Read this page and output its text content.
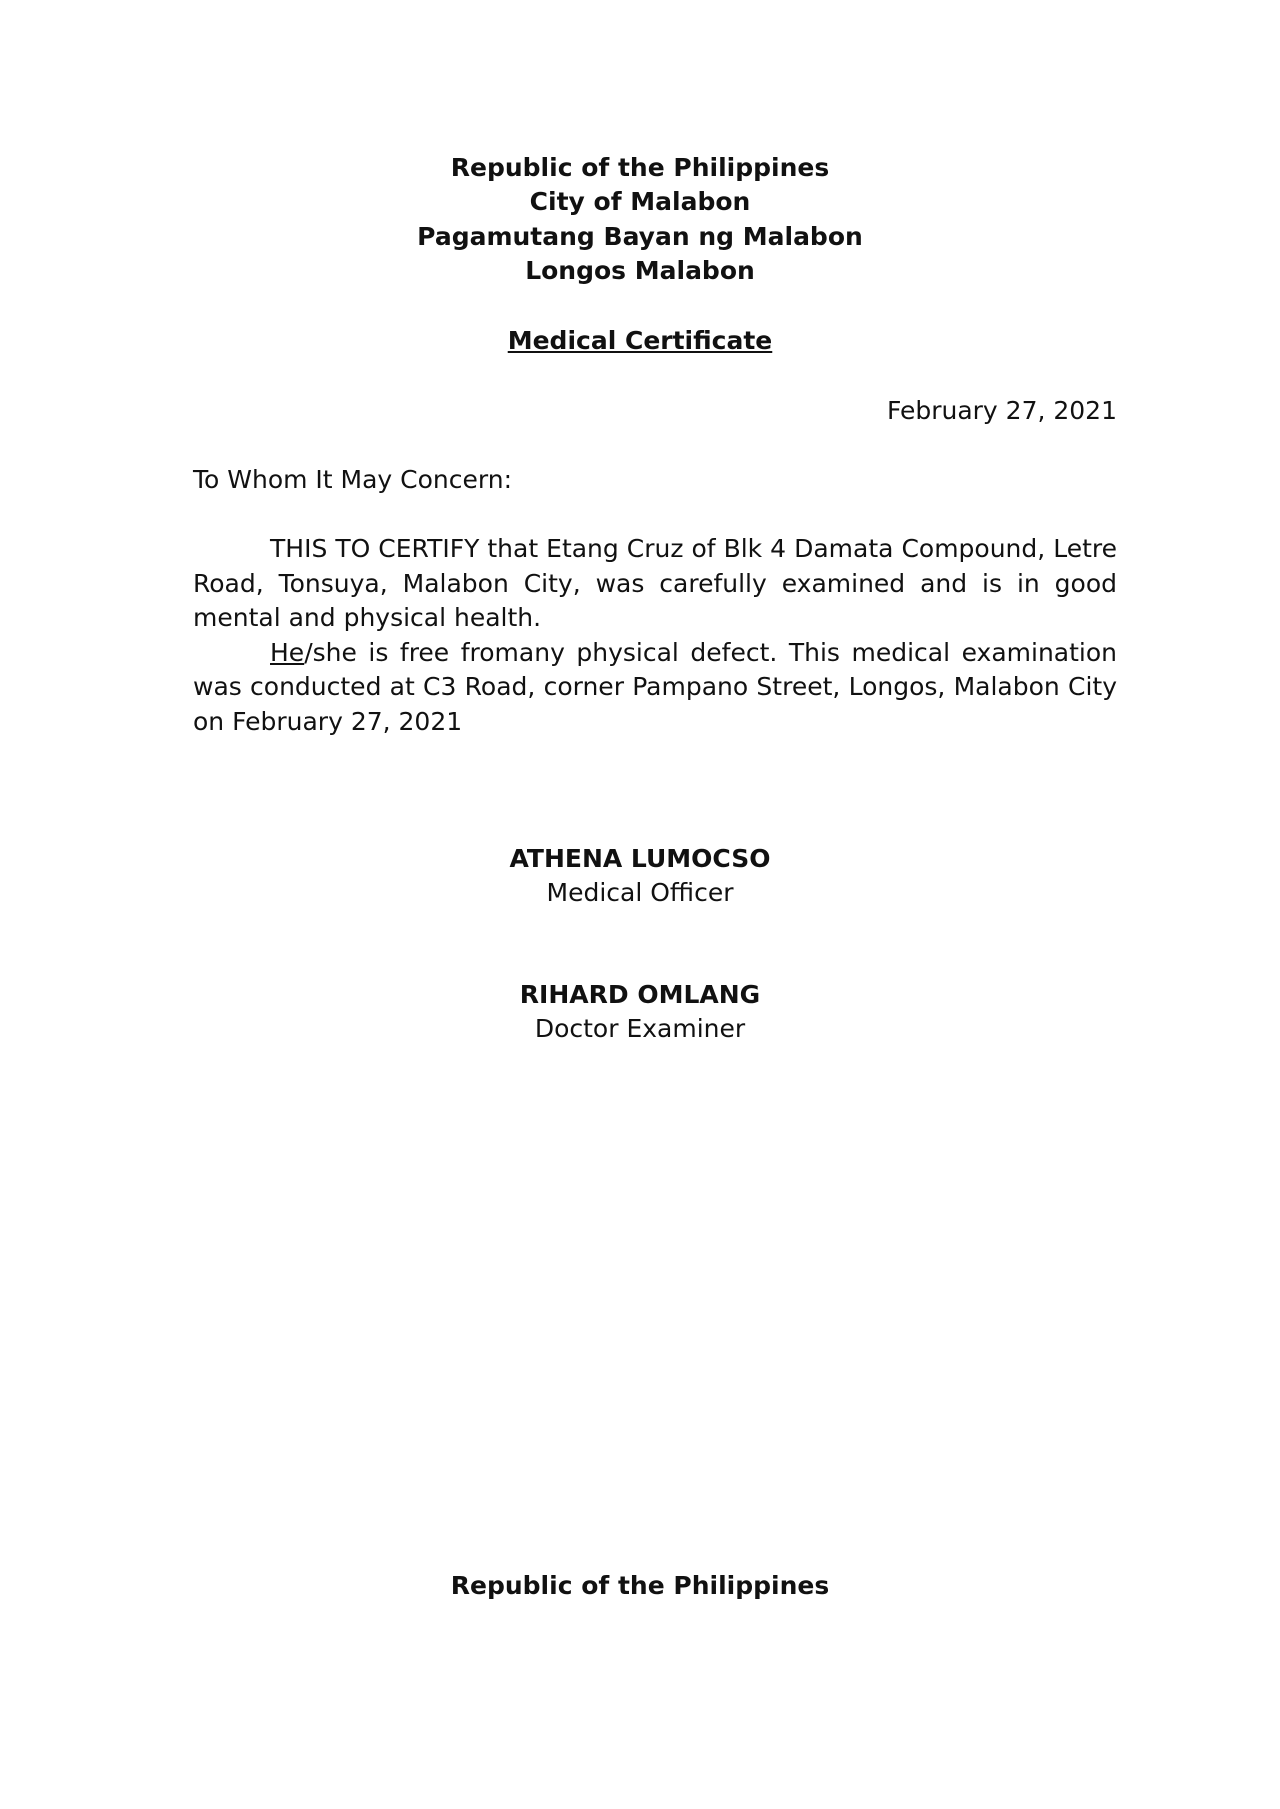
Republic of the Philippines
City of Malabon
Pagamutang Bayan ng Malabon
Longos Malabon
Medical Certificate
February 27, 2021
To Whom It May Concern:

THIS TO CERTIFY that Etang Cruz of Blk 4 Damata Compound, Letre Road, Tonsuya, Malabon City, was carefully examined and is in good mental and physical health.

He/she is free fromany physical defect. This medical examination was conducted at C3 Road, corner Pampano Street, Longos, Malabon City on February 27, 2021

ATHENA LUMOCSO
Medical Officer
RIHARD OMLANG
Doctor Examiner
Republic of the Philippines
